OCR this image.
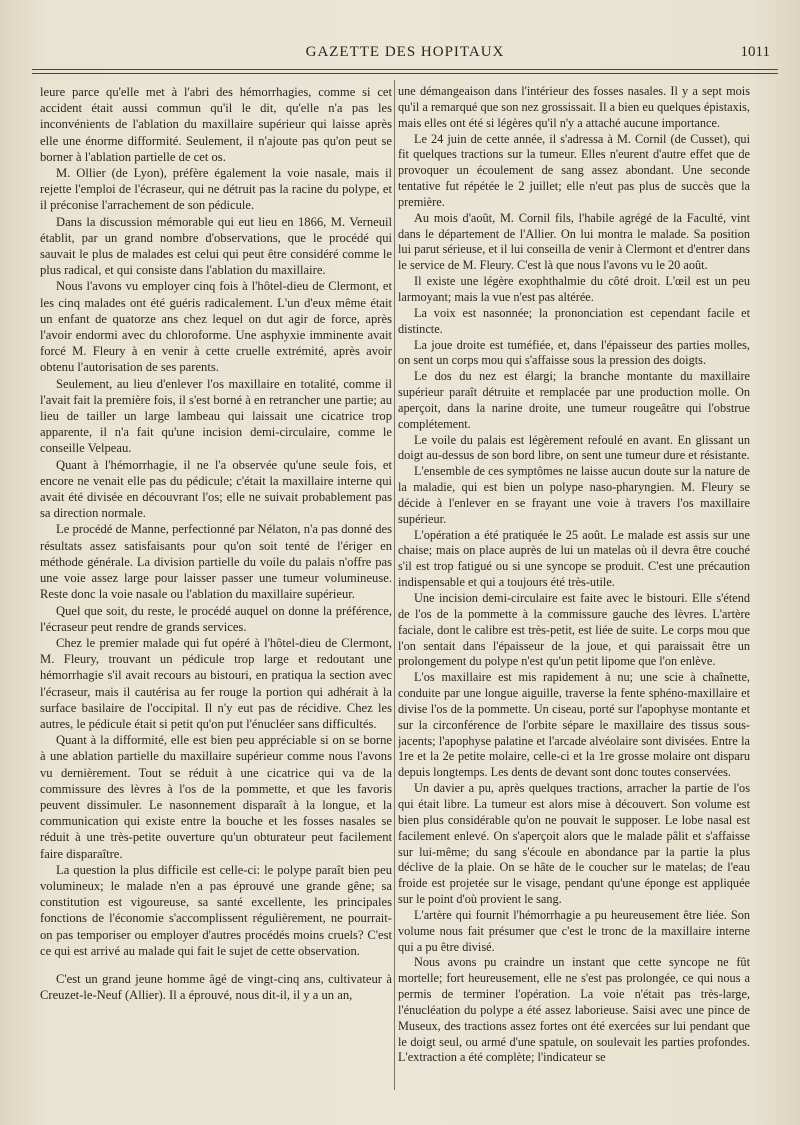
GAZETTE DES HOPITAUX	1011

leure parce qu'elle met à l'abri des hémorrhagies, comme si cet accident était aussi commun qu'il le dit, qu'elle n'a pas les inconvénients de l'ablation du maxillaire supérieur qui laisse après elle une énorme difformité. Seulement, il n'ajoute pas qu'on peut se borner à l'ablation partielle de cet os.

M. Ollier (de Lyon), préfère également la voie nasale, mais il rejette l'emploi de l'écraseur, qui ne détruit pas la racine du polype, et il préconise l'arrachement de son pédicule.

Dans la discussion mémorable qui eut lieu en 1866, M. Verneuil établit, par un grand nombre d'observations, que le procédé qui sauvait le plus de malades est celui qui peut être considéré comme le plus radical, et qui consiste dans l'ablation du maxillaire.

Nous l'avons vu employer cinq fois à l'hôtel-dieu de Clermont, et les cinq malades ont été guéris radicalement. L'un d'eux même était un enfant de quatorze ans chez lequel on dut agir de force, après l'avoir endormi avec du chloroforme. Une asphyxie imminente avait forcé M. Fleury à en venir à cette cruelle extrémité, après avoir obtenu l'autorisation de ses parents.

Seulement, au lieu d'enlever l'os maxillaire en totalité, comme il l'avait fait la première fois, il s'est borné à en retrancher une partie; au lieu de tailler un large lambeau qui laissait une cicatrice trop apparente, il n'a fait qu'une incision demi-circulaire, comme le conseille Velpeau.

Quant à l'hémorrhagie, il ne l'a observée qu'une seule fois, et encore ne venait elle pas du pédicule; c'était la maxillaire interne qui avait été divisée en découvrant l'os; elle ne suivait probablement pas sa direction normale.

Le procédé de Manne, perfectionné par Nélaton, n'a pas donné des résultats assez satisfaisants pour qu'on soit tenté de l'ériger en méthode générale. La division partielle du voile du palais n'offre pas une voie assez large pour laisser passer une tumeur volumineuse. Reste donc la voie nasale ou l'ablation du maxillaire supérieur.

Quel que soit, du reste, le procédé auquel on donne la préférence, l'écraseur peut rendre de grands services.

Chez le premier malade qui fut opéré à l'hôtel-dieu de Clermont, M. Fleury, trouvant un pédicule trop large et redoutant une hémorrhagie s'il avait recours au bistouri, en pratiqua la section avec l'écraseur, mais il cautérisa au fer rouge la portion qui adhérait à la surface basilaire de l'occipital. Il n'y eut pas de récidive. Chez les autres, le pédicule était si petit qu'on put l'énucléer sans difficultés.

Quant à la difformité, elle est bien peu appréciable si on se borne à une ablation partielle du maxillaire supérieur comme nous l'avons vu dernièrement. Tout se réduit à une cicatrice qui va de la commissure des lèvres à l'os de la pommette, et que les favoris peuvent dissimuler. Le nasonnement disparaît à la longue, et la communication qui existe entre la bouche et les fosses nasales se réduit à une très-petite ouverture qu'un obturateur peut facilement faire disparaître.

La question la plus difficile est celle-ci: le polype paraît bien peu volumineux; le malade n'en a pas éprouvé une grande gêne; sa constitution est vigoureuse, sa santé excellente, les principales fonctions de l'économie s'accomplissent régulièrement, ne pourrait-on pas temporiser ou employer d'autres procédés moins cruels? C'est ce qui est arrivé au malade qui fait le sujet de cette observation.

C'est un grand jeune homme âgé de vingt-cinq ans, cultivateur à Creuzet-le-Neuf (Allier). Il a éprouvé, nous dit-il, il y a un an,

une démangeaison dans l'intérieur des fosses nasales. Il y a sept mois qu'il a remarqué que son nez grossissait. Il a bien eu quelques épistaxis, mais elles ont été si légères qu'il n'y a attaché aucune importance.

Le 24 juin de cette année, il s'adressa à M. Cornil (de Cusset), qui fit quelques tractions sur la tumeur. Elles n'eurent d'autre effet que de provoquer un écoulement de sang assez abondant. Une seconde tentative fut répétée le 2 juillet; elle n'eut pas plus de succès que la première.

Au mois d'août, M. Cornil fils, l'habile agrégé de la Faculté, vint dans le département de l'Allier. On lui montra le malade. Sa position lui parut sérieuse, et il lui conseilla de venir à Clermont et d'entrer dans le service de M. Fleury. C'est là que nous l'avons vu le 20 août.

Il existe une légère exophthalmie du côté droit. L'œil est un peu larmoyant; mais la vue n'est pas altérée.

La voix est nasonnée; la prononciation est cependant facile et distincte.

La joue droite est tuméfiée, et, dans l'épaisseur des parties molles, on sent un corps mou qui s'affaisse sous la pression des doigts.

Le dos du nez est élargi; la branche montante du maxillaire supérieur paraît détruite et remplacée par une production molle. On aperçoit, dans la narine droite, une tumeur rougeâtre qui l'obstrue complétement.

Le voile du palais est légèrement refoulé en avant. En glissant un doigt au-dessus de son bord libre, on sent une tumeur dure et résistante.

L'ensemble de ces symptômes ne laisse aucun doute sur la nature de la maladie, qui est bien un polype naso-pharyngien. M. Fleury se décide à l'enlever en se frayant une voie à travers l'os maxillaire supérieur.

L'opération a été pratiquée le 25 août. Le malade est assis sur une chaise; mais on place auprès de lui un matelas où il devra être couché s'il est trop fatigué ou si une syncope se produit. C'est une précaution indispensable et qui a toujours été très-utile.

Une incision demi-circulaire est faite avec le bistouri. Elle s'étend de l'os de la pommette à la commissure gauche des lèvres. L'artère faciale, dont le calibre est très-petit, est liée de suite. Le corps mou que l'on sentait dans l'épaisseur de la joue, et qui paraissait être un prolongement du polype n'est qu'un petit lipome que l'on enlève.

L'os maxillaire est mis rapidement à nu; une scie à chaînette, conduite par une longue aiguille, traverse la fente sphéno-maxillaire et divise l'os de la pommette. Un ciseau, porté sur l'apophyse montante et sur la circonférence de l'orbite sépare le maxillaire des tissus sous-jacents; l'apophyse palatine et l'arcade alvéolaire sont divisées. Entre la 1re et la 2e petite molaire, celle-ci et la 1re grosse molaire ont disparu depuis longtemps. Les dents de devant sont donc toutes conservées.

Un davier a pu, après quelques tractions, arracher la partie de l'os qui était libre. La tumeur est alors mise à découvert. Son volume est bien plus considérable qu'on ne pouvait le supposer. Le lobe nasal est facilement enlevé. On s'aperçoit alors que le malade pâlit et s'affaisse sur lui-même; du sang s'écoule en abondance par la partie la plus déclive de la plaie. On se hâte de le coucher sur le matelas; de l'eau froide est projetée sur le visage, pendant qu'une éponge est appliquée sur le point d'où provient le sang.

L'artère qui fournit l'hémorrhagie a pu heureusement être liée. Son volume nous fait présumer que c'est le tronc de la maxillaire interne qui a pu être divisé.

Nous avons pu craindre un instant que cette syncope ne fût mortelle; fort heureusement, elle ne s'est pas prolongée, ce qui nous a permis de terminer l'opération. La voie n'était pas très-large, l'énucléation du polype a été assez laborieuse. Saisi avec une pince de Museux, des tractions assez fortes ont été exercées sur lui pendant que le doigt seul, ou armé d'une spatule, on soulevait les parties profondes. L'extraction a été complète; l'indicateur se
